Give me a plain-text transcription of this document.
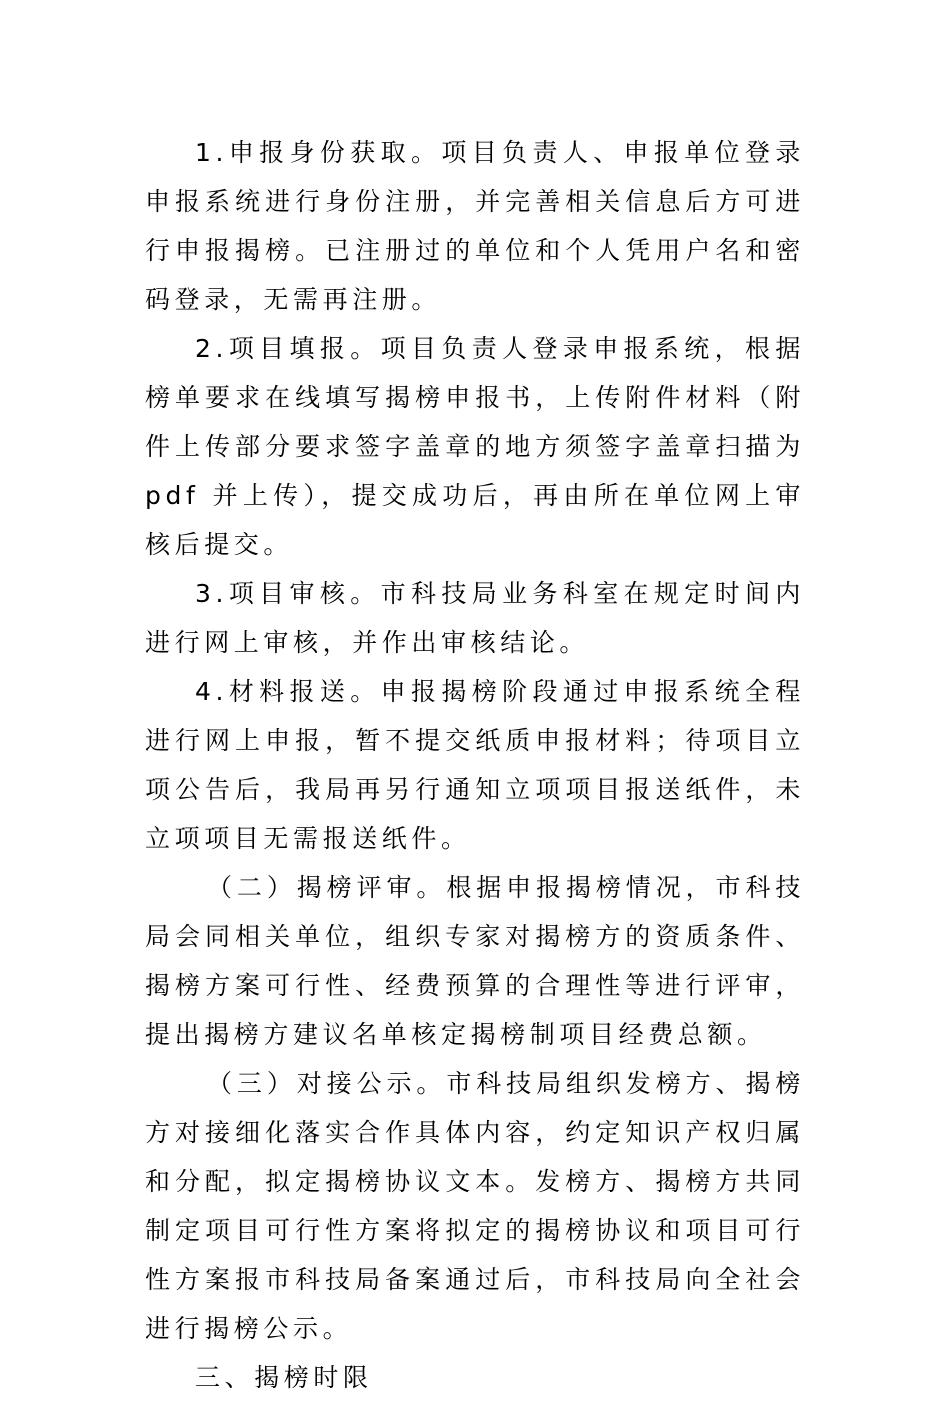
1.申报身份获取。项目负责人、申报单位登录申报系统进行身份注册，并完善相关信息后方可进行申报揭榜。已注册过的单位和个人凭用户名和密码登录，无需再注册。

2.项目填报。项目负责人登录申报系统，根据榜单要求在线填写揭榜申报书，上传附件材料（附件上传部分要求签字盖章的地方须签字盖章扫描为 pdf 并上传），提交成功后，再由所在单位网上审核后提交。

3.项目审核。市科技局业务科室在规定时间内进行网上审核，并作出审核结论。

4.材料报送。申报揭榜阶段通过申报系统全程进行网上申报，暂不提交纸质申报材料；待项目立项公告后，我局再另行通知立项项目报送纸件，未立项项目无需报送纸件。

（二）揭榜评审。根据申报揭榜情况，市科技局会同相关单位，组织专家对揭榜方的资质条件、揭榜方案可行性、经费预算的合理性等进行评审，提出揭榜方建议名单核定揭榜制项目经费总额。

（三）对接公示。市科技局组织发榜方、揭榜方对接细化落实合作具体内容，约定知识产权归属和分配，拟定揭榜协议文本。发榜方、揭榜方共同制定项目可行性方案将拟定的揭榜协议和项目可行性方案报市科技局备案通过后，市科技局向全社会进行揭榜公示。

三、揭榜时限
